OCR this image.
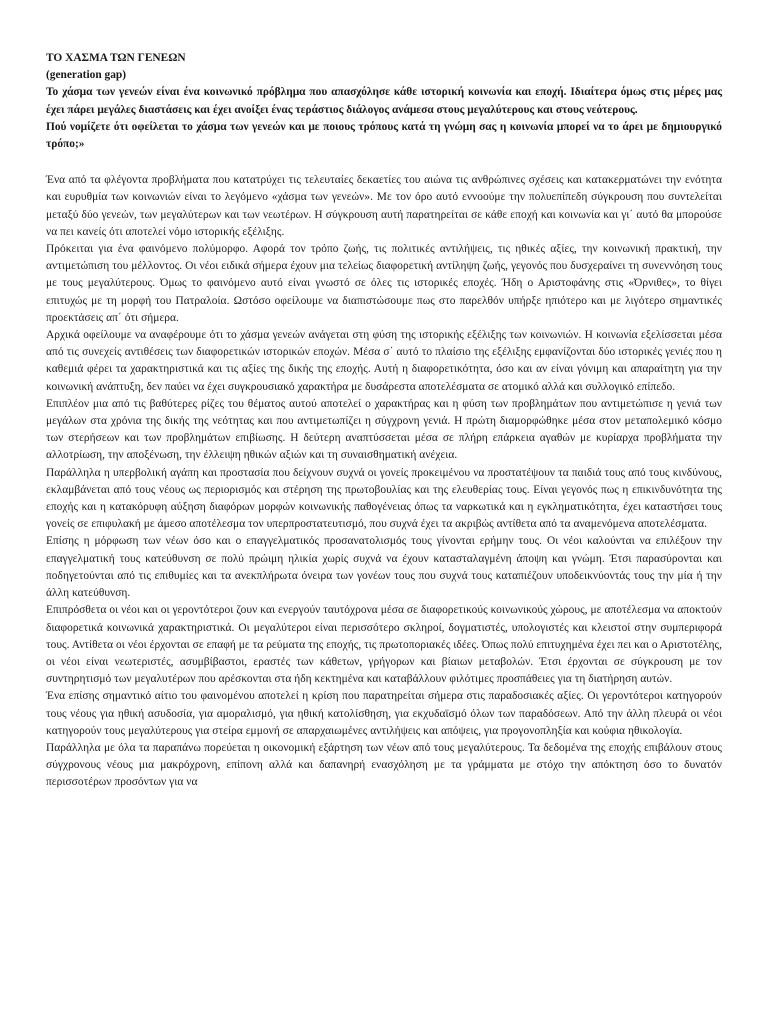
ΤΟ ΧΑΣΜΑ ΤΩΝ ΓΕΝΕΩΝ

(generation gap)

Το χάσμα των γενεών είναι ένα κοινωνικό πρόβλημα που απασχόλησε κάθε ιστορική κοινωνία και εποχή. Ιδιαίτερα όμως στις μέρες μας έχει πάρει μεγάλες διαστάσεις και έχει ανοίξει ένας τεράστιος διάλογος ανάμεσα στους μεγαλύτερους και στους νεότερους.

Πού νομίζετε ότι οφείλεται το χάσμα των γενεών και με ποιους τρόπους κατά τη γνώμη σας η κοινωνία μπορεί να το άρει με δημιουργικό τρόπο;»

Ένα από τα φλέγοντα προβλήματα που κατατρύχει τις τελευταίες δεκαετίες του αιώνα τις ανθρώπινες σχέσεις και κατακερματώνει την ενότητα και ευρυθμία των κοινωνιών είναι το λεγόμενο «χάσμα των γενεών». Με τον όρο αυτό εννοούμε την πολυεπίπεδη σύγκρουση που συντελείται μεταξύ δύο γενεών, των μεγαλύτερων και των νεωτέρων. Η σύγκρουση αυτή παρατηρείται σε κάθε εποχή και κοινωνία και γι΄ αυτό θα μπορούσε να πει κανείς ότι αποτελεί νόμο ιστορικής εξέλιξης.

Πρόκειται για ένα φαινόμενο πολύμορφο. Αφορά τον τρόπο ζωής, τις πολιτικές αντιλήψεις, τις ηθικές αξίες, την κοινωνική πρακτική, την αντιμετώπιση του μέλλοντος. Οι νέοι ειδικά σήμερα έχουν μια τελείως διαφορετική αντίληψη ζωής, γεγονός που δυσχεραίνει τη συνεννόηση τους με τους μεγαλύτερους. Όμως το φαινόμενο αυτό είναι γνωστό σε όλες τις ιστορικές εποχές. Ήδη ο Αριστοφάνης στις «Όρνιθες», το θίγει επιτυχώς με τη μορφή του Πατραλοία. Ωστόσο οφείλουμε να διαπιστώσουμε πως στο παρελθόν υπήρξε ηπιότερο και με λιγότερο σημαντικές προεκτάσεις απ΄ ότι σήμερα.

Αρχικά οφείλουμε να αναφέρουμε ότι το χάσμα γενεών ανάγεται στη φύση της ιστορικής εξέλιξης των κοινωνιών. Η κοινωνία εξελίσσεται μέσα από τις συνεχείς αντιθέσεις των διαφορετικών ιστορικών εποχών. Μέσα σ΄ αυτό το πλαίσιο της εξέλιξης εμφανίζονται δύο ιστορικές γενιές που η καθεμιά φέρει τα χαρακτηριστικά και τις αξίες της δικής της εποχής. Αυτή η διαφορετικότητα, όσο και αν είναι γόνιμη και απαραίτητη για την κοινωνική ανάπτυξη, δεν παύει να έχει συγκρουσιακό χαρακτήρα με δυσάρεστα αποτελέσματα σε ατομικό αλλά και συλλογικό επίπεδο.

Επιπλέον μια από τις βαθύτερες ρίζες του θέματος αυτού αποτελεί ο χαρακτήρας και η φύση των προβλημάτων που αντιμετώπισε η γενιά των μεγάλων στα χρόνια της δικής της νεότητας και που αντιμετωπίζει η σύγχρονη γενιά. Η πρώτη διαμορφώθηκε μέσα στον μεταπολεμικό κόσμο των στερήσεων και των προβλημάτων επιβίωσης. Η δεύτερη αναπτύσσεται μέσα σε πλήρη επάρκεια αγαθών με κυρίαρχα προβλήματα την αλλοτρίωση, την αποξένωση, την έλλειψη ηθικών αξιών και τη συναισθηματική ανέχεια.

Παράλληλα η υπερβολική αγάπη και προστασία που δείχνουν συχνά οι γονείς προκειμένου να προστατέψουν τα παιδιά τους από τους κινδύνους, εκλαμβάνεται από τους νέους ως περιορισμός και στέρηση της πρωτοβουλίας και της ελευθερίας τους. Είναι γεγονός πως η επικινδυνότητα της εποχής και η κατακόρυφη αύξηση διαφόρων μορφών κοινωνικής παθογένειας όπως τα ναρκωτικά και η εγκληματικότητα, έχει καταστήσει τους γονείς σε επιφυλακή με άμεσο αποτέλεσμα τον υπερπροστατευτισμό, που συχνά έχει τα ακριβώς αντίθετα από τα αναμενόμενα αποτελέσματα.

Επίσης η μόρφωση των νέων όσο και ο επαγγελματικός προσανατολισμός τους γίνονται ερήμην τους. Οι νέοι καλούνται να επιλέξουν την επαγγελματική τους κατεύθυνση σε πολύ πρώιμη ηλικία χωρίς συχνά να έχουν κατασταλαγμένη άποψη και γνώμη. Έτσι παρασύρονται και ποδηγετούνται από τις επιθυμίες και τα ανεκπλήρωτα όνειρα των γονέων τους που συχνά τους καταπιέζουν υποδεικνύοντάς τους την μία ή την άλλη κατεύθυνση.

Επιπρόσθετα οι νέοι και οι γεροντότεροι ζουν και ενεργούν ταυτόχρονα μέσα σε διαφορετικούς κοινωνικούς χώρους, με αποτέλεσμα να αποκτούν διαφορετικά κοινωνικά χαρακτηριστικά. Οι μεγαλύτεροι είναι περισσότερο σκληροί, δογματιστές, υπολογιστές και κλειστοί στην συμπεριφορά τους. Αντίθετα οι νέοι έρχονται σε επαφή με τα ρεύματα της εποχής, τις πρωτοποριακές ιδέες. Όπως πολύ επιτυχημένα έχει πει και ο Αριστοτέλης, οι νέοι είναι νεωτεριστές, ασυμβίβαστοι, εραστές των κάθετων, γρήγορων και βίαιων μεταβολών. Έτσι έρχονται σε σύγκρουση με τον συντηρητισμό των μεγαλυτέρων που αρέσκονται στα ήδη κεκτημένα και καταβάλλουν φιλότιμες προσπάθειες για τη διατήρηση αυτών.

Ένα επίσης σημαντικό αίτιο του φαινομένου αποτελεί η κρίση που παρατηρείται σήμερα στις παραδοσιακές αξίες. Οι γεροντότεροι κατηγορούν τους νέους για ηθική ασυδοσία, για αμοραλισμό, για ηθική κατολίσθηση, για εκχυδαϊσμό όλων των παραδόσεων. Από την άλλη πλευρά οι νέοι κατηγορούν τους μεγαλύτερους για στείρα εμμονή σε απαρχαιωμένες αντιλήψεις και απόψεις, για προγονοπληξία και κούφια ηθικολογία.

Παράλληλα με όλα τα παραπάνω πορεύεται η οικονομική εξάρτηση των νέων από τους μεγαλύτερους. Τα δεδομένα της εποχής επιβάλουν στους σύγχρονους νέους μια μακρόχρονη, επίπονη αλλά και δαπανηρή ενασχόληση με τα γράμματα με στόχο την απόκτηση όσο το δυνατόν περισσοτέρων προσόντων για να
